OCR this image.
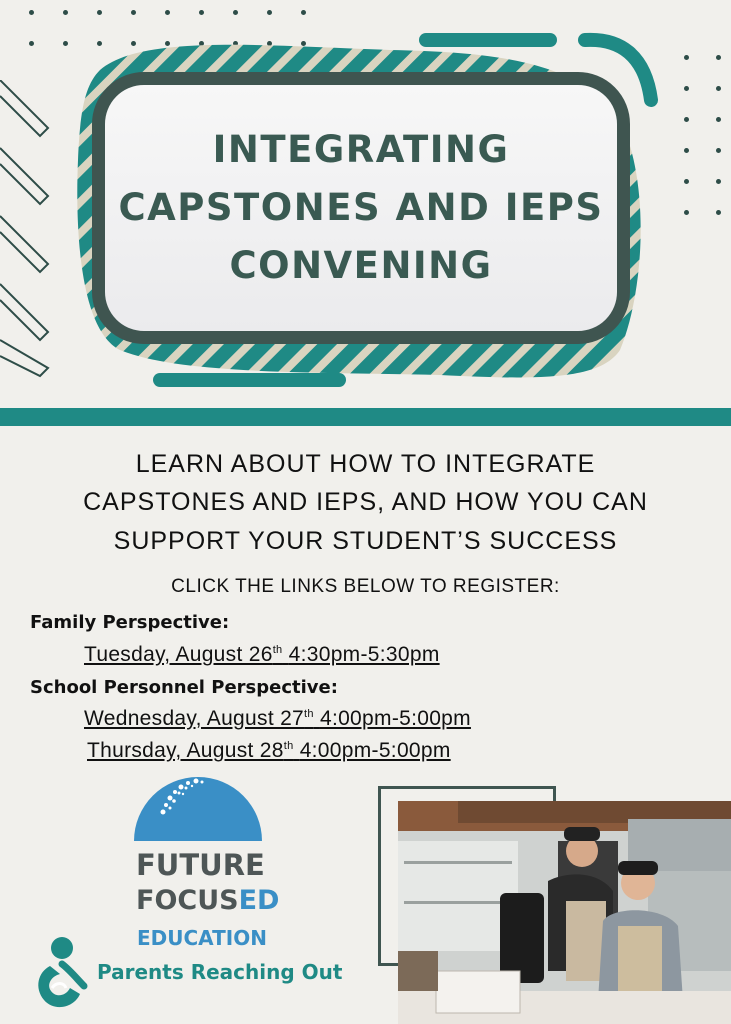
INTEGRATING
CAPSTONES AND IEPS
CONVENING
LEARN ABOUT HOW TO INTEGRATE
CAPSTONES AND IEPS, AND HOW YOU CAN
SUPPORT YOUR STUDENT’S SUCCESS
CLICK THE LINKS BELOW TO REGISTER:
Family Perspective:
Tuesday, August 26th 4:30pm-5:30pm
School Personnel Perspective:
Wednesday, August 27th 4:00pm-5:00pm
Thursday, August 28th 4:00pm-5:00pm
FUTURE
FOCUSED
EDUCATION
Parents Reaching Out
